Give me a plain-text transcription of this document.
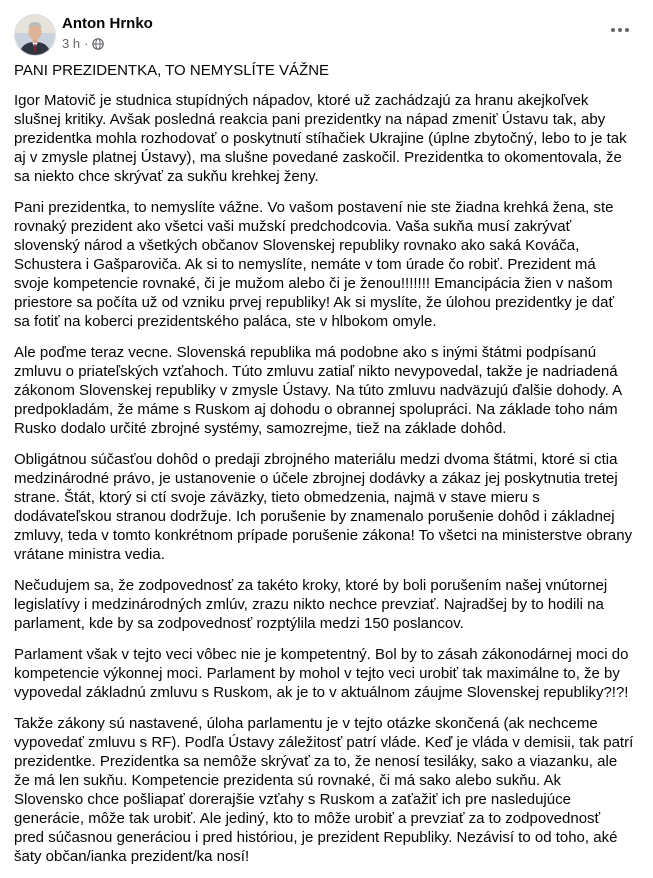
Anton Hrnko
3 h ·

PANI PREZIDENTKA, TO NEMYSLÍTE VÁŽNE

Igor Matovič je studnica stupídných nápadov, ktoré už zachádzajú za hranu akejkoľvek slušnej kritiky. Avšak posledná reakcia pani prezidentky na nápad zmeniť Ústavu tak, aby prezidentka mohla rozhodovať o poskytnutí stíhačiek Ukrajine (úplne zbytočný, lebo to je tak aj v zmysle platnej Ústavy), ma slušne povedané zaskočil. Prezidentka to okomentovala, že sa niekto chce skrývať za sukňu krehkej ženy.

Pani prezidentka, to nemyslíte vážne. Vo vašom postavení nie ste žiadna krehká žena, ste rovnaký prezident ako všetci vaši mužskí predchodcovia. Vaša sukňa musí zakrývať slovenský národ a všetkých občanov Slovenskej republiky rovnako ako saká Kováča, Schustera i Gašparoviča. Ak si to nemyslíte, nemáte v tom úrade čo robiť. Prezident má svoje kompetencie rovnaké, či je mužom alebo či je ženou!!!!!!! Emancipácia žien v našom priestore sa počíta už od vzniku prvej republiky! Ak si myslíte, že úlohou prezidentky je dať sa fotiť na koberci prezidentského paláca, ste v hlbokom omyle.

Ale poďme teraz vecne. Slovenská republika má podobne ako s inými štátmi podpísanú zmluvu o priateľských vzťahoch. Túto zmluvu zatiaľ nikto nevypovedal, takže je nadriadená zákonom Slovenskej republiky v zmysle Ústavy. Na túto zmluvu nadväzujú ďalšie dohody. A predpokladám, že máme s Ruskom aj dohodu o obrannej spolupráci. Na základe toho nám Rusko dodalo určité zbrojné systémy, samozrejme, tiež na základe dohôd.

Obligátnou súčasťou dohôd o predaji zbrojného materiálu medzi dvoma štátmi, ktoré si ctia medzinárodné právo, je ustanovenie o účele zbrojnej dodávky a zákaz jej poskytnutia tretej strane. Štát, ktorý si ctí svoje záväzky, tieto obmedzenia, najmä v stave mieru s dodávateľskou stranou dodržuje. Ich porušenie by znamenalo porušenie dohôd i základnej zmluvy, teda v tomto konkrétnom prípade porušenie zákona! To všetci na ministerstve obrany vrátane ministra vedia.

Nečudujem sa, že zodpovednosť za takéto kroky, ktoré by boli porušením našej vnútornej legislatívy i medzinárodných zmlúv, zrazu nikto nechce prevziať. Najradšej by to hodili na parlament, kde by sa zodpovednosť rozptýlila medzi 150 poslancov.

Parlament však v tejto veci vôbec nie je kompetentný. Bol by to zásah zákonodárnej moci do kompetencie výkonnej moci. Parlament by mohol v tejto veci urobiť tak maximálne to, že by vypovedal základnú zmluvu s Ruskom, ak je to v aktuálnom záujme Slovenskej republiky?!?!

Takže zákony sú nastavené, úloha parlamentu je v tejto otázke skončená (ak nechceme vypovedať zmluvu s RF). Podľa Ústavy záležitosť patrí vláde. Keď je vláda v demisii, tak patrí prezidentke. Prezidentka sa nemôže skrývať za to, že nenosí tesiláky, sako a viazanku, ale že má len sukňu. Kompetencie prezidenta sú rovnaké, či má sako alebo sukňu. Ak Slovensko chce pošliapať dorerajšie vzťahy s Ruskom a zaťažiť ich pre nasledujúce generácie, môže tak urobiť. Ale jediný, kto to môže urobiť a prevziať za to zodpovednosť pred súčasnou generáciou i pred históriou, je prezident Republiky. Nezávisí to od toho, aké šaty občan/ianka prezident/ka nosí!
